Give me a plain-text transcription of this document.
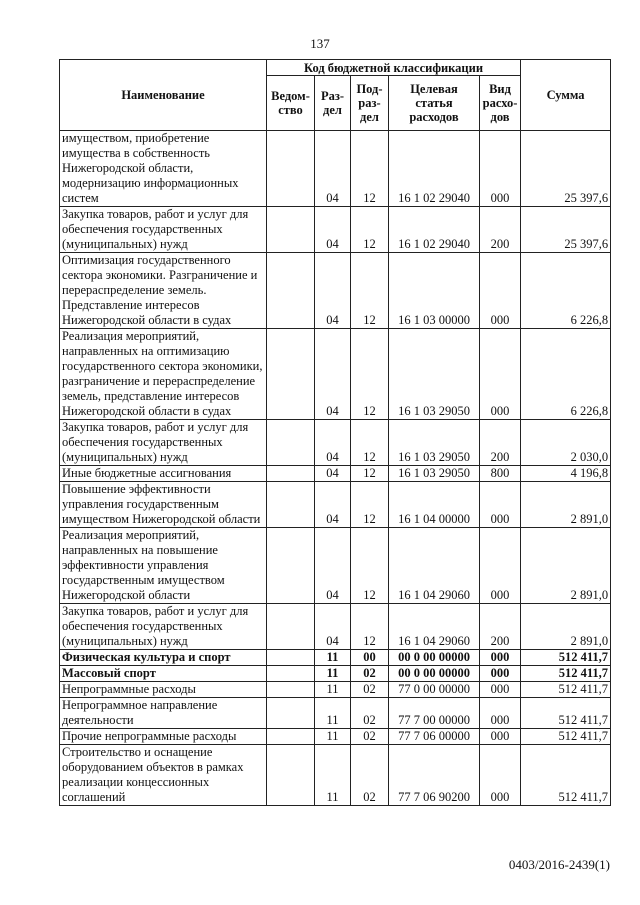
137
Наименование	Код бюджетной классификации					Сумма
	Ведом-ство	Раз-дел	Под-раз-дел	Целевая статья расходов	Вид расхо-дов	
имуществом, приобретение имущества в собственность Нижегородской области, модернизацию информационных систем		04	12	16 1 02 29040	000	25 397,6
Закупка товаров, работ и услуг для обеспечения государственных (муниципальных) нужд		04	12	16 1 02 29040	200	25 397,6
Оптимизация государственного сектора экономики. Разграничение и перераспределение земель. Представление интересов Нижегородской области в судах		04	12	16 1 03 00000	000	6 226,8
Реализация мероприятий, направленных на оптимизацию государственного сектора экономики, разграничение и перераспределение земель, представление интересов Нижегородской области в судах		04	12	16 1 03 29050	000	6 226,8
Закупка товаров, работ и услуг для обеспечения государственных (муниципальных) нужд		04	12	16 1 03 29050	200	2 030,0
Иные бюджетные ассигнования		04	12	16 1 03 29050	800	4 196,8
Повышение эффективности управления государственным имуществом Нижегородской области		04	12	16 1 04 00000	000	2 891,0
Реализация мероприятий, направленных на повышение эффективности управления государственным имуществом Нижегородской области		04	12	16 1 04 29060	000	2 891,0
Закупка товаров, работ и услуг для обеспечения государственных (муниципальных) нужд		04	12	16 1 04 29060	200	2 891,0
Физическая культура и спорт		11	00	00 0 00 00000	000	512 411,7
Массовый спорт		11	02	00 0 00 00000	000	512 411,7
Непрограммные расходы		11	02	77 0 00 00000	000	512 411,7
Непрограммное направление деятельности		11	02	77 7 00 00000	000	512 411,7
Прочие непрограммные расходы		11	02	77 7 06 00000	000	512 411,7
Строительство и оснащение оборудованием объектов в рамках реализации концессионных соглашений		11	02	77 7 06 90200	000	512 411,7
0403/2016-2439(1)
